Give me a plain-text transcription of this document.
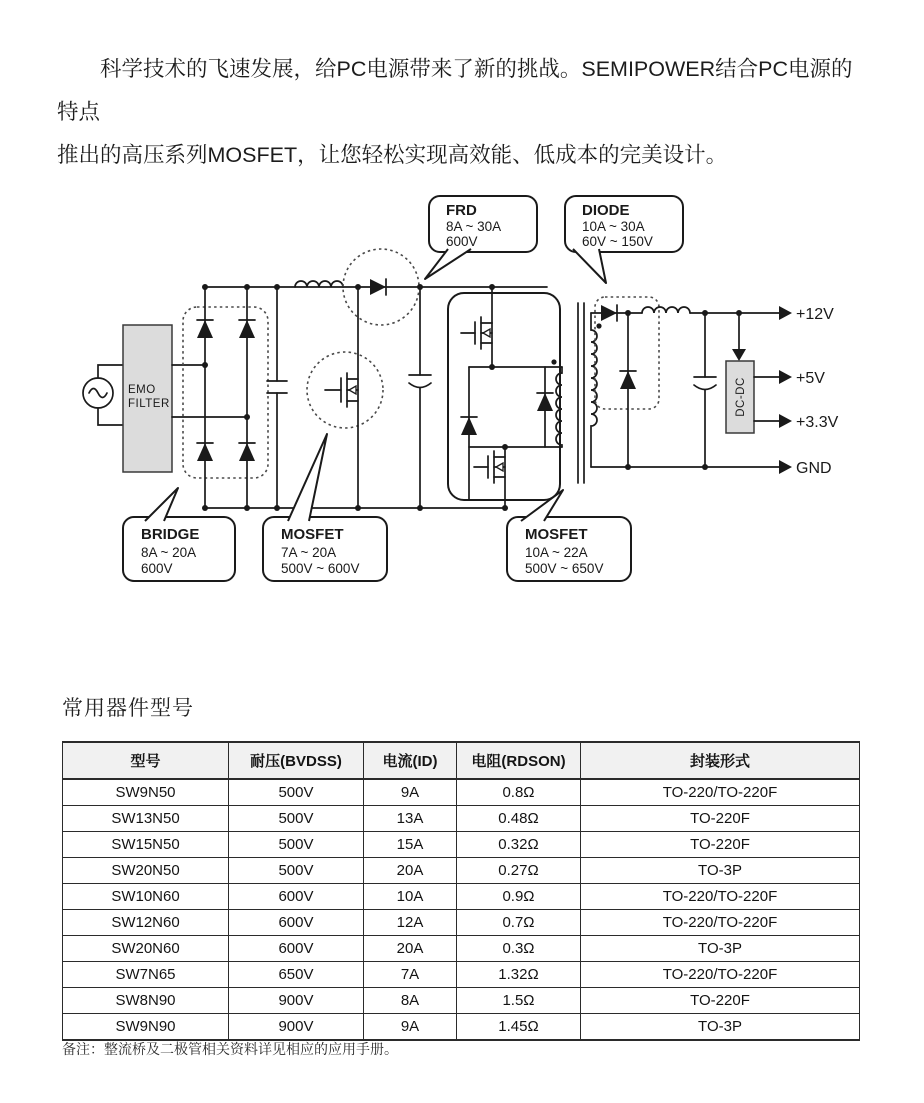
科学技术的飞速发展，给PC电源带来了新的挑战。SEMIPOWER结合PC电源的特点
推出的高压系列MOSFET，让您轻松实现高效能、低成本的完美设计。
EMO
FILTER
+12V
DC-DC	+5V
+3.3V
GND
FRD
8A ~ 30A
600V
DIODE
10A ~ 30A
60V ~ 150V
BRIDGE
8A ~ 20A
600V
MOSFET
7A ~ 20A
500V ~ 600V
MOSFET
10A ~ 22A
500V ~ 650V
常用器件型号
型号	耐压(BVDSS)	电流(ID)	电阻(RDSON)	封装形式
SW9N50	500V	9A	0.8Ω	TO-220/TO-220F
SW13N50	500V	13A	0.48Ω	TO-220F
SW15N50	500V	15A	0.32Ω	TO-220F
SW20N50	500V	20A	0.27Ω	TO-3P
SW10N60	600V	10A	0.9Ω	TO-220/TO-220F
SW12N60	600V	12A	0.7Ω	TO-220/TO-220F
SW20N60	600V	20A	0.3Ω	TO-3P
SW7N65	650V	7A	1.32Ω	TO-220/TO-220F
SW8N90	900V	8A	1.5Ω	TO-220F
SW9N90	900V	9A	1.45Ω	TO-3P
备注：整流桥及二极管相关资料详见相应的应用手册。
